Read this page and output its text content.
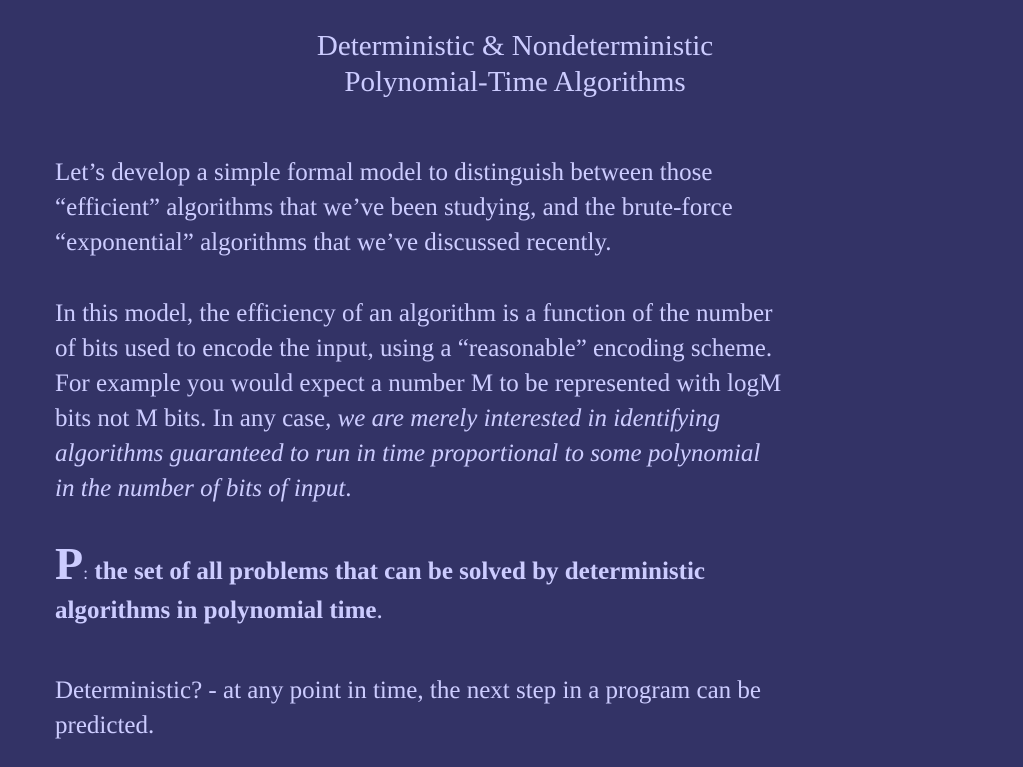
Deterministic & Nondeterministic
Polynomial-Time Algorithms
Let’s develop a simple formal model to distinguish between those
“efficient” algorithms that we’ve been studying, and the brute-force
“exponential” algorithms that we’ve discussed recently.
In this model, the efficiency of an algorithm is a function of the number
of bits used to encode the input, using a “reasonable” encoding scheme.
For example you would expect a number M to be represented with logM
bits not M bits. In any case, we are merely interested in identifying
algorithms guaranteed to run in time proportional to some polynomial
in the number of bits of input.
P: the set of all problems that can be solved by deterministic
algorithms in polynomial time.
Deterministic? - at any point in time, the next step in a program can be
predicted.
